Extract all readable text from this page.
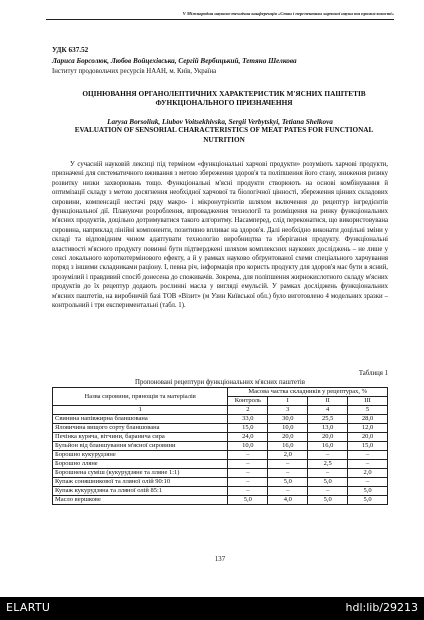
V Міжнародна науково-технічна конференція «Стан і перспективи харчової науки та промисловості»
УДК 637.52
Лариса Борсолюк, Любов Войцехівська, Сергій Вербицький, Тетяна Шелкова
Інститут продовольчих ресурсів НААН, м. Київ, Україна
ОЦІНЮВАННЯ ОРГАНОЛЕПТИЧНИХ ХАРАКТЕРИСТИК М'ЯСНИХ ПАШТЕТІВ ФУНКЦІОНАЛЬНОГО ПРИЗНАЧЕННЯ
Larysa Borsoliuk, Liubov Voitsekhivska, Sergii Verbytskyi, Tetiana Shelkova
EVALUATION OF SENSORIAL CHARACTERISTICS OF MEAT PATES FOR FUNCTIONAL NUTRITION

У сучасній науковій лексиці під терміном «функціональні харчові продукти» розуміють харчові продукти, призначені для систематичного вживання з метою збереження здоров'я та поліпшення його стану, зниження ризику розвитку низки захворювань тощо. Функціональні м'ясні продукти створюють на основі комбінування й оптимізації складу з метою досягнення необхідної харчової та біологічної цінності, збереження цінних складових сировини, компенсації нестачі ряду макро- і мікронутрієнтів шляхом включення до рецептур інгредієнтів функціональної дії. Плануючи розроблення, впровадження технології та розміщення на ринку функціональних м'ясних продуктів, доцільно дотримуватися такого алгоритму. Насамперед, слід переконатися, що використовувана сировина, наприклад лінійні компоненти, позитивно впливає на здоров'я. Далі необхідно виконати доцільні зміни у складі та відповідним чином адаптувати технологію виробництва та зберігання продукту. Функціональні властивості м'ясного продукту повинні бути підтверджені шляхом комплексних наукових досліджень – не лише у сенсі локального короткотермінового ефекту, а й у рамках науково обґрунтованої схеми спеціального харчування поряд з іншими складниками раціону. І, певна річ, інформація про користь продукту для здоров'я має бути в ясний, зрозумілий і правдивий спосіб донесена до споживачів. Зокрема, для поліпшення жирнокислотного складу м'ясних продуктів до їх рецептур додають рослинні масла у вигляді емульсій. У рамках досліджень функціональних м'ясних паштетів, на виробничій базі ТОВ «Візит» (м Узин Київської обл.) було виготовлено 4 модельних зразки – контрольний і три експериментальні (табл. 1).

Таблиця 1
Пропоновані рецептури функціональних м'ясних паштетів
Назва сировини, прянощів та матеріалів	Масова частка складників у рецептурах, %			
	Контроль	I	II	III
1	2	3	4	5
Свинина напівжирна бланшована	33,0	30,0	25,5	28,0
Яловичина вищого сорту бланшована	15,0	10,0	13,0	12,0
Печінка куряча, вітчини, баранича сира	24,0	20,0	20,0	20,0
Бульйон від бланшування м'ясної сировини	10,0	16,0	16,0	15,0
Борошно кукурудзяне	–	2,0	–	–
Борошно лляне	–	–	2,5	–
Борошнена суміш (кукурудзяне та лляне 1:1)	–	–	–	2,0
Купаж соняшникової та лляної олій 90:10	–	5,0	5,0	–
Купаж кукурудзяна та лляної олій 85:1	–	–	–	5,0
Масло вершкове	5,0	4,0	5,0	5,0
137
ELARTU	hdl:lib/29213
